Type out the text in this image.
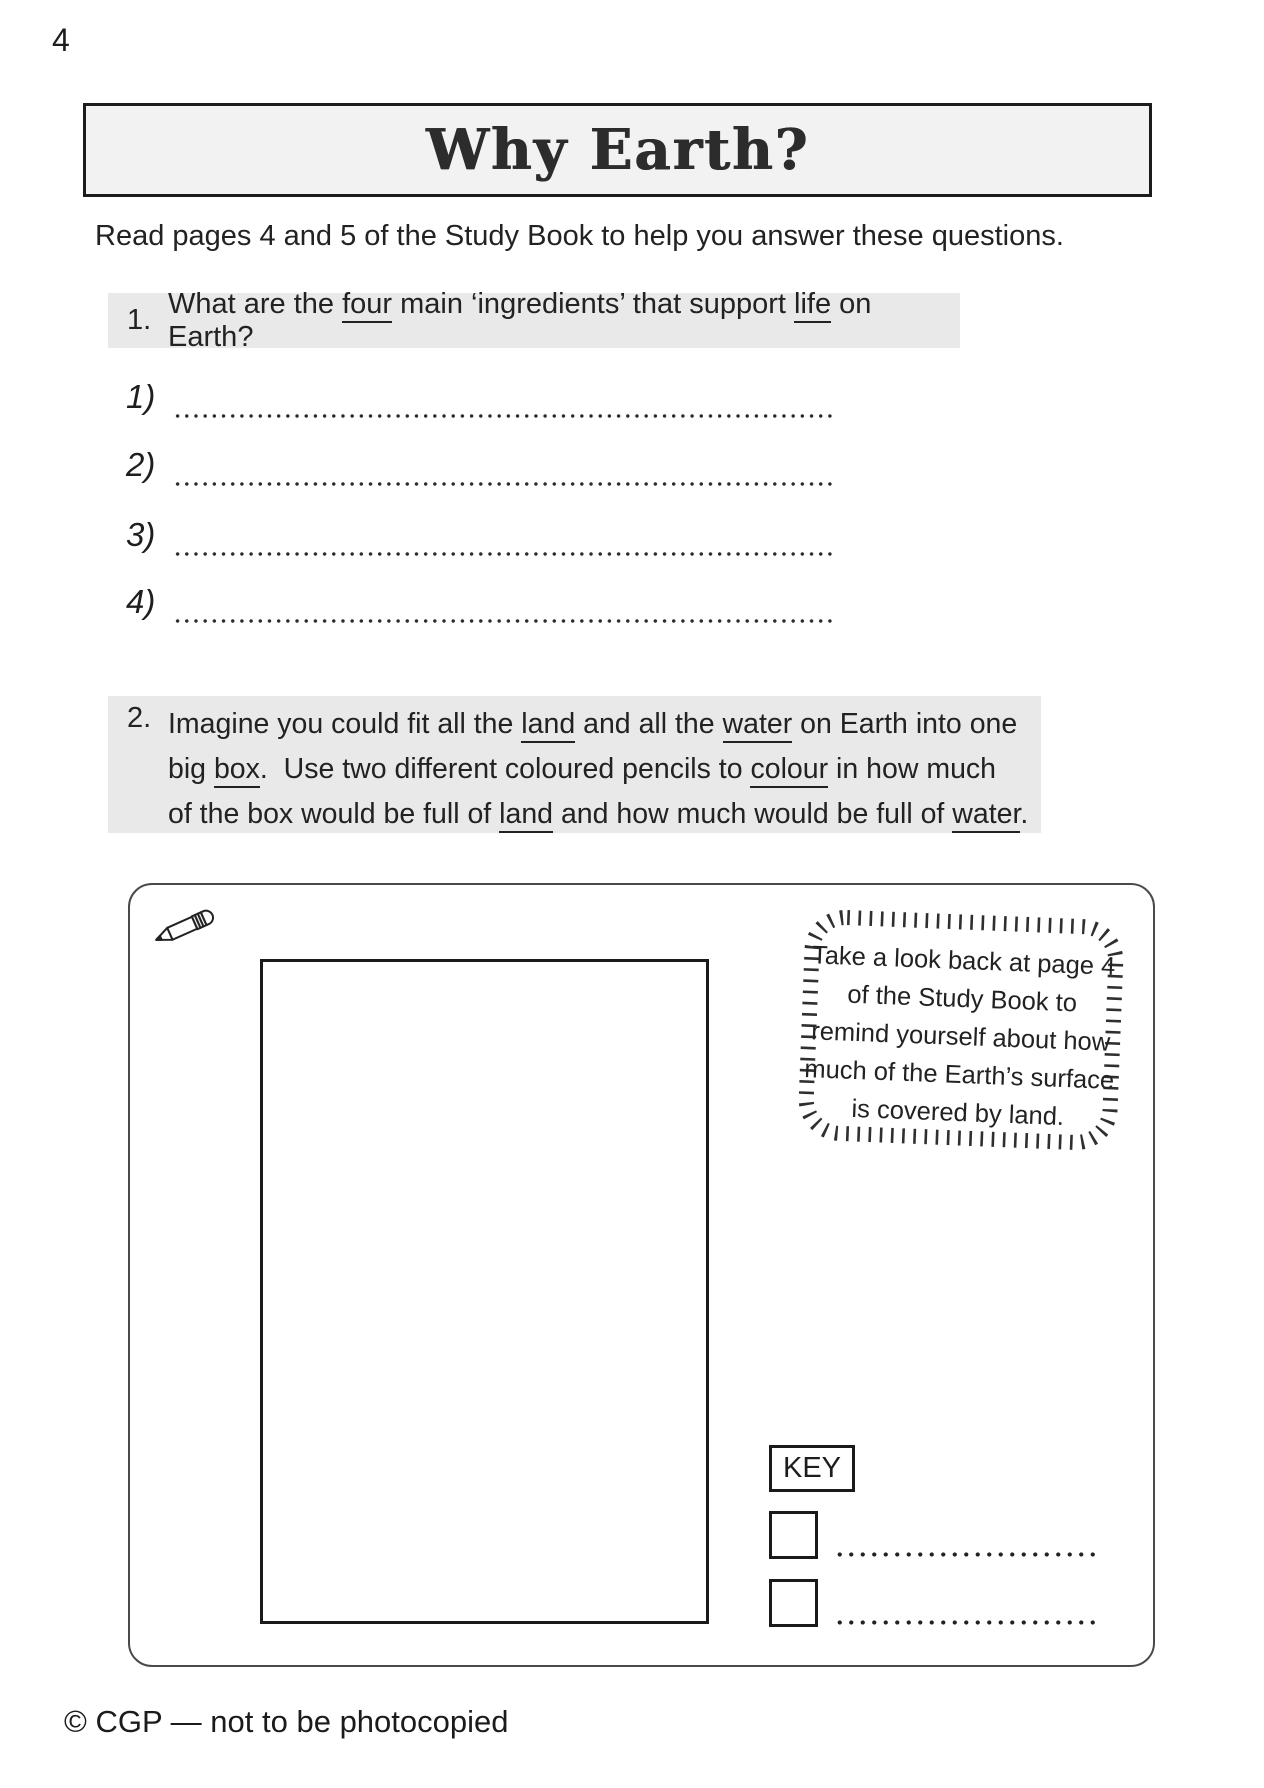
4
Why Earth?
Read pages 4 and 5 of the Study Book to help you answer these questions.
1.
What are the four main ‘ingredients’ that support life on Earth?
1)
2)
3)
4)
2. Imagine you could fit all the land and all the water on Earth into one
big box.  Use two different coloured pencils to colour in how much
of the box would be full of land and how much would be full of water.
Take a look back at page 4
of the Study Book to
remind yourself about how
much of the Earth’s surface
is covered by land.
KEY
© CGP — not to be photocopied
